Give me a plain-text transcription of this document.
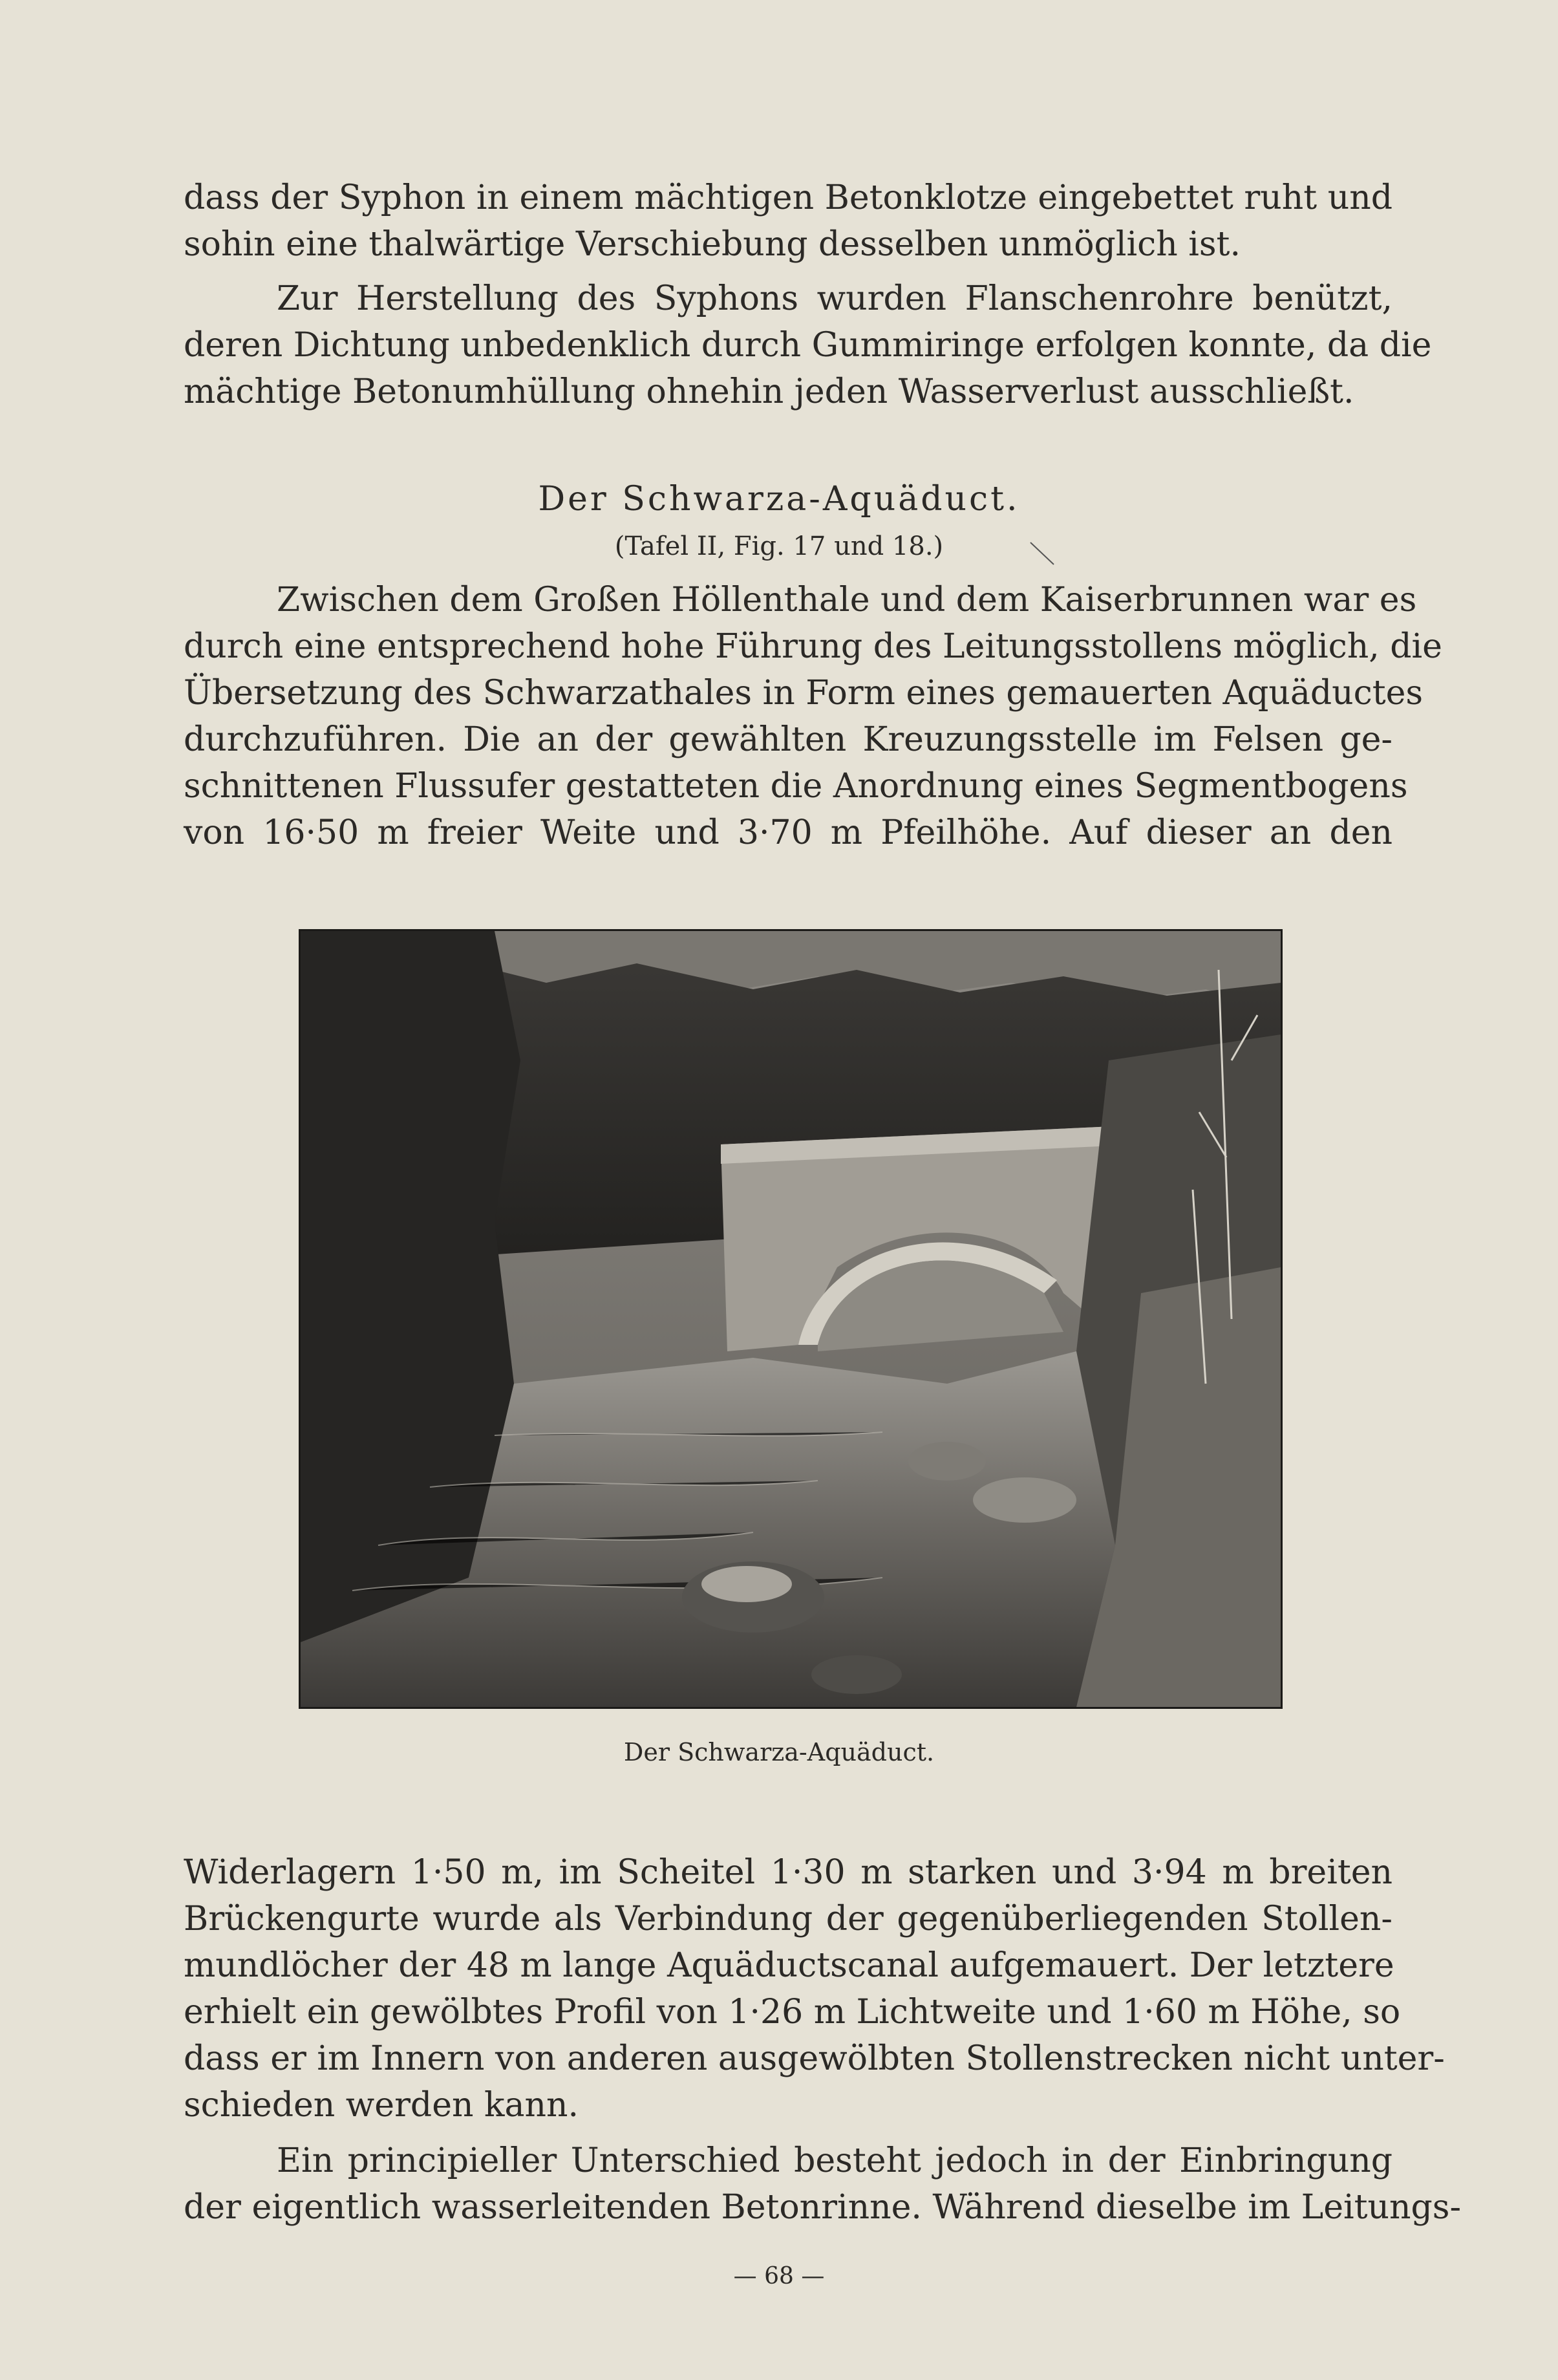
dass der Syphon in einem mächtigen Betonklotze eingebettet ruht und

sohin eine thalwärtige Verschiebung desselben unmöglich ist.

Zur Herstellung des Syphons wurden Flanschenrohre benützt,

deren Dichtung unbedenklich durch Gummiringe erfolgen konnte, da die

mächtige Betonumhüllung ohnehin jeden Wasserverlust ausschließt.

Der Schwarza-Aquäduct.

(Tafel II, Fig. 17 und 18.)

Zwischen dem Großen Höllenthale und dem Kaiserbrunnen war es

durch eine entsprechend hohe Führung des Leitungsstollens möglich, die

Übersetzung des Schwarzathales in Form eines gemauerten Aquäductes

durchzuführen. Die an der gewählten Kreuzungsstelle im Felsen ge-

schnittenen Flussufer gestatteten die Anordnung eines Segmentbogens

von 16·50 m freier Weite und 3·70 m Pfeilhöhe. Auf dieser an den

Der Schwarza-Aquäduct.

Widerlagern 1·50 m, im Scheitel 1·30 m starken und 3·94 m breiten

Brückengurte wurde als Verbindung der gegenüberliegenden Stollen-

mundlöcher der 48 m lange Aquäductscanal aufgemauert. Der letztere

erhielt ein gewölbtes Profil von 1·26 m Lichtweite und 1·60 m Höhe, so

dass er im Innern von anderen ausgewölbten Stollenstrecken nicht unter-

schieden werden kann.

Ein principieller Unterschied besteht jedoch in der Einbringung

der eigentlich wasserleitenden Betonrinne. Während dieselbe im Leitungs-

— 68 —
